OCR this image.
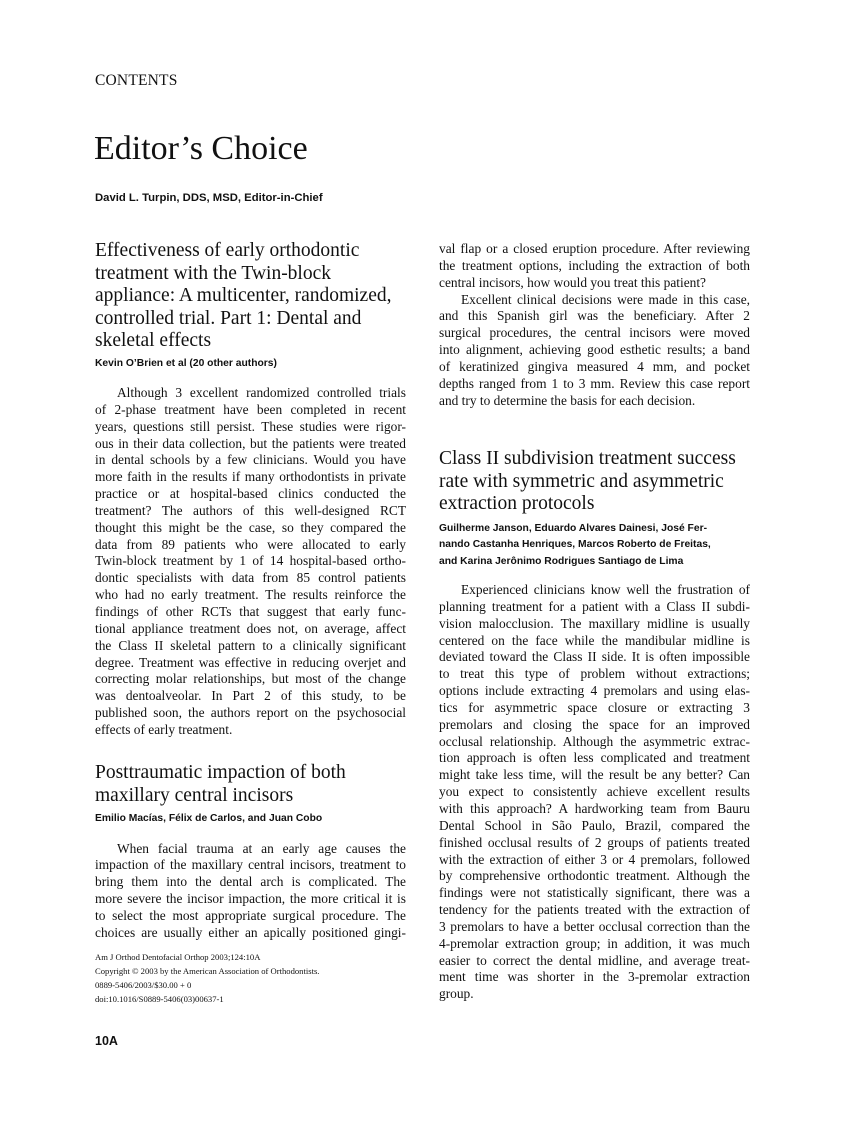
CONTENTS
Editor’s Choice
David L. Turpin, DDS, MSD, Editor-in-Chief
Effectiveness of early orthodontic
treatment with the Twin-block
appliance: A multicenter, randomized,
controlled trial. Part 1: Dental and
skeletal effects
Kevin O’Brien et al (20 other authors)
Although 3 excellent randomized controlled trials
of 2-phase treatment have been completed in recent
years, questions still persist. These studies were rigor-
ous in their data collection, but the patients were treated
in dental schools by a few clinicians. Would you have
more faith in the results if many orthodontists in private
practice or at hospital-based clinics conducted the
treatment? The authors of this well-designed RCT
thought this might be the case, so they compared the
data from 89 patients who were allocated to early
Twin-block treatment by 1 of 14 hospital-based ortho-
dontic specialists with data from 85 control patients
who had no early treatment. The results reinforce the
findings of other RCTs that suggest that early func-
tional appliance treatment does not, on average, affect
the Class II skeletal pattern to a clinically significant
degree. Treatment was effective in reducing overjet and
correcting molar relationships, but most of the change
was dentoalveolar. In Part 2 of this study, to be
published soon, the authors report on the psychosocial
effects of early treatment.
Posttraumatic impaction of both
maxillary central incisors
Emilio Macías, Félix de Carlos, and Juan Cobo
When facial trauma at an early age causes the
impaction of the maxillary central incisors, treatment to
bring them into the dental arch is complicated. The
more severe the incisor impaction, the more critical it is
to select the most appropriate surgical procedure. The
choices are usually either an apically positioned gingi-
val flap or a closed eruption procedure. After reviewing
the treatment options, including the extraction of both
central incisors, how would you treat this patient?
Excellent clinical decisions were made in this case,
and this Spanish girl was the beneficiary. After 2
surgical procedures, the central incisors were moved
into alignment, achieving good esthetic results; a band
of keratinized gingiva measured 4 mm, and pocket
depths ranged from 1 to 3 mm. Review this case report
and try to determine the basis for each decision.
Class II subdivision treatment success
rate with symmetric and asymmetric
extraction protocols
Guilherme Janson, Eduardo Alvares Dainesi, José Fer-
nando Castanha Henriques, Marcos Roberto de Freitas,
and Karina Jerônimo Rodrigues Santiago de Lima
Experienced clinicians know well the frustration of
planning treatment for a patient with a Class II subdi-
vision malocclusion. The maxillary midline is usually
centered on the face while the mandibular midline is
deviated toward the Class II side. It is often impossible
to treat this type of problem without extractions;
options include extracting 4 premolars and using elas-
tics for asymmetric space closure or extracting 3
premolars and closing the space for an improved
occlusal relationship. Although the asymmetric extrac-
tion approach is often less complicated and treatment
might take less time, will the result be any better? Can
you expect to consistently achieve excellent results
with this approach? A hardworking team from Bauru
Dental School in São Paulo, Brazil, compared the
finished occlusal results of 2 groups of patients treated
with the extraction of either 3 or 4 premolars, followed
by comprehensive orthodontic treatment. Although the
findings were not statistically significant, there was a
tendency for the patients treated with the extraction of
3 premolars to have a better occlusal correction than the
4-premolar extraction group; in addition, it was much
easier to correct the dental midline, and average treat-
ment time was shorter in the 3-premolar extraction
group.
Am J Orthod Dentofacial Orthop 2003;124:10A
Copyright © 2003 by the American Association of Orthodontists.
0889-5406/2003/$30.00 + 0
doi:10.1016/S0889-5406(03)00637-1
10A
